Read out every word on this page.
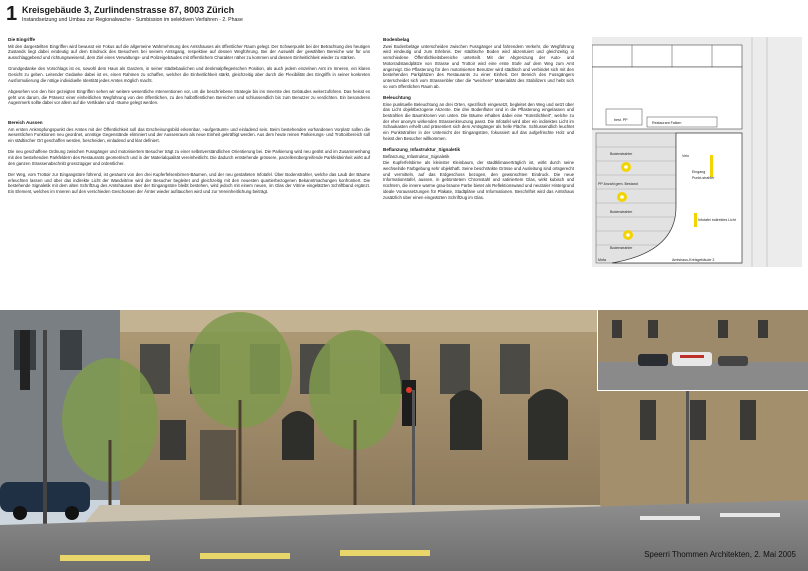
1 Kreisgebäude 3, Zurlindenstrasse 87, 8003 Zürich
Instandsetzung und Umbau zur Regionalwache - Sumbission im selektiven Verfahren - 2. Phase
Die Eingriffe

Mit den dargestellten Eingriffen wird bewusst ein Fokus auf die allgemeine Wahrnehmung des Amtshauses als öffentlicher Raum gelegt. Der Schwerpunkt bei der Betrachtung des heutigen Zustands liegt dabei eindeutig auf dem Eindruck des Besuchers bei seinem Amtsgang, respektive auf dessen Wegführung. Bei der Auswahl der gewählten Bereiche war für uns ausschlaggebend und richtungsweisend, dem Ziel eines Verwaltungs- und Polizeigebäudes mit öffentlichem Charakter näher zu kommen und dessen Einheitlichkeit wieder zu stärken.

Grundgedanke des Vorschlags ist es, sowohl dem Haus als Ganzem, in seiner städtebaulichen und denkmalpflegerischen Position, als auch jedem einzelnen Amt im Inneren, ein klares Gesicht zu geben. Leitender Gedanke dabei ist es, einen Rahmen zu schaffen, welcher die Einheitlichkeit stärkt, gleichzeitig aber durch die Flexibilität des Eingriffs in seiner konkreten Ausformulierung die nötige individuelle Identität jedes Amtes möglich macht.

Abgesehen von den hier gezeigten Eingriffen sehen wir weitere wesentliche Interventionen vor, um die beschriebene Strategie bis ins Innerste des Gebäudes weiterzuführen. Das heisst es geht uns darum, die Präsenz einer einheitlichen Wegführung von den öffentlichen, zu den halböffentlichen Bereichen und schlussendlich bis zum Benutzer zu verdichten. Ein besonderes Augenmerk sollte dabei vor allem auf die Vertikalen und -räume gelegt werden.

Bereich Aussen

Am ersten Anknüpfungspunkt des Amtes mit der Öffentlichkeit soll das Erscheinungsbild erkennbar, »aufgeräumt« und einladend sein. Beim bestehenden vorhandenen Vorplatz sollen die wesentlichen Funktionen neu geordnet, unnötige Gegenstände eliminiert und der Aussenraum als neue Einheit gekräftigt werden. Aus dem heute reinen Parkierungs- und Trottoirbereich soll ein städtischer Ort geschaffen werden, bescheiden, einladend und klar definiert.

Die neu geschaffene Ordnung zwischen Fussgänger und motorisiertem Besucher trägt zu einer selbstverständlichen Orientierung bei. Die Parkierung wird neu geölst und im Zusammenhang mit den bestehenden Parkfeldern des Restaurants geometrisch und in der Materialqualität vereinheitlicht. Die dadurch entstehende grössere, parzellenübergreifende Parkfeldeinheit wirkt auf den ganzen Strassenabschnitt grosszügiger und ordentlicher.

Der Weg, vom Trottoir zur Eingangstüre führend, ist gesäumt von den drei Kupferfelsenbirnen-Bäumen, und der neu gestalteten Infotafel. Über Bodenstrahler, welche das Laub der Bäume erleuchten lassen und über das indirekte Licht der Wandvitrine wird der Besucher begleitet und gleichzeitig mit den neuesten quartierbezogenen Bekanntmachungen konfrontiert. Die bestehende Signaletik mit dem alten Schriftzug des Amtshauses über der Eingangstüre bleibt bestehen, wird jedoch mit einem neuen, im Glas der Vitrine eingelätzten Schriftband ergänzt. Ein Element, welches im Inneren auf den verschieden Geschossen der Ämter wieder aufitauchen wird und zur Vereinheitlichung beiträgt.

Bodenbelag

Zwei Bodenbeläge unterscheiden zwischen Fussgänger und fahrendem Verkehr, die Wegführung wird eindeutig und zum Erlebnis. Der städtische Boden wird akzentuiert und gleichzeitig in verschiedene Öffentlichkeitsbereiche unterteilt. Mit der Abgrenzung der Auto- und Motorradstandplätze von Strasse und Trottoir wird eine erste Stufe auf dem Weg zum Amt angezeigt. Die Pflasterung für den motorisierten Benutzer wird städtisch und verbindet sich mit den bestehenden Parkplätzen des Restaurants zu einer Einheit. Der Bereich des Fussgängers unterscheidet sich vom Strassenbler über die "weichere" Materialität des Stabilizers und hebt sich so vom öffentlichen Raum ab.

Beleuchtung

Eine punktuelle Beleuchtung an drei Orten, spezifisch eingesetzt, begleitet den Weg und setzt über das Licht objektbezogene Akzente. Die drei Bodenfluter sind in die Pflasterung eingelassen und bestrahlen die Baumkronen von unten. Die Bäume erhalten dabei eine "Künstlichkeit", welche zu der eher anonym wirkenden Strassenkreuzung passt. Die Infotafel wird über ein indirektes Licht im Schaukasten erhellt und präsentiert sich dem Amtsgänger als helle Fläche. Schlussendlich leuchtet ein Punktstrahler in der Untersicht der Eingangstüre, fokussiert auf das aufgefrischte Holz und heisst den Besucher willkommen.

Beflanzung_Infastruktur_Signaletik
Beflanzung_Infastruktur_Signaletik

Die Kupferfelsbirne als kleinster Kleinbaum, der stadtklimaverträglich ist, wirkt durch seine wechselnde Farbgebung sehr objekthaft. Seine beschränkte Grösse und Ausleitung sind ortsgerecht und vermitteln, auf das Erdgeschoss bezogen, den gewünschten Eindruck. Die neue Informationstafel, aussen, in gebürstetem Chromstahl und satiniertem Glas, wirkt kubisch und nüchtern, die innere warme grau-braune Farbe bietet als Reflektionswand und neutraler Hintergrund ideale Voraussetzungen für Plakate, Stadtpläne und Informationen. Beschriftet wird das Amtshaus zusätzlich über einen eingeätzten Schriftzug im Glas.

best. PP
Restaurant Falken
Bodenstrahler	Velo
Eingang
Punkt-strahler
PP Anzahl gem. Bestand
Bodenstrahler
Infotafel indirektes Licht
Bodenstrahler
Mofa	Amtshaus-Kreisgebäude 3
Speerri Thommen Architekten, 2. Mai 2005
